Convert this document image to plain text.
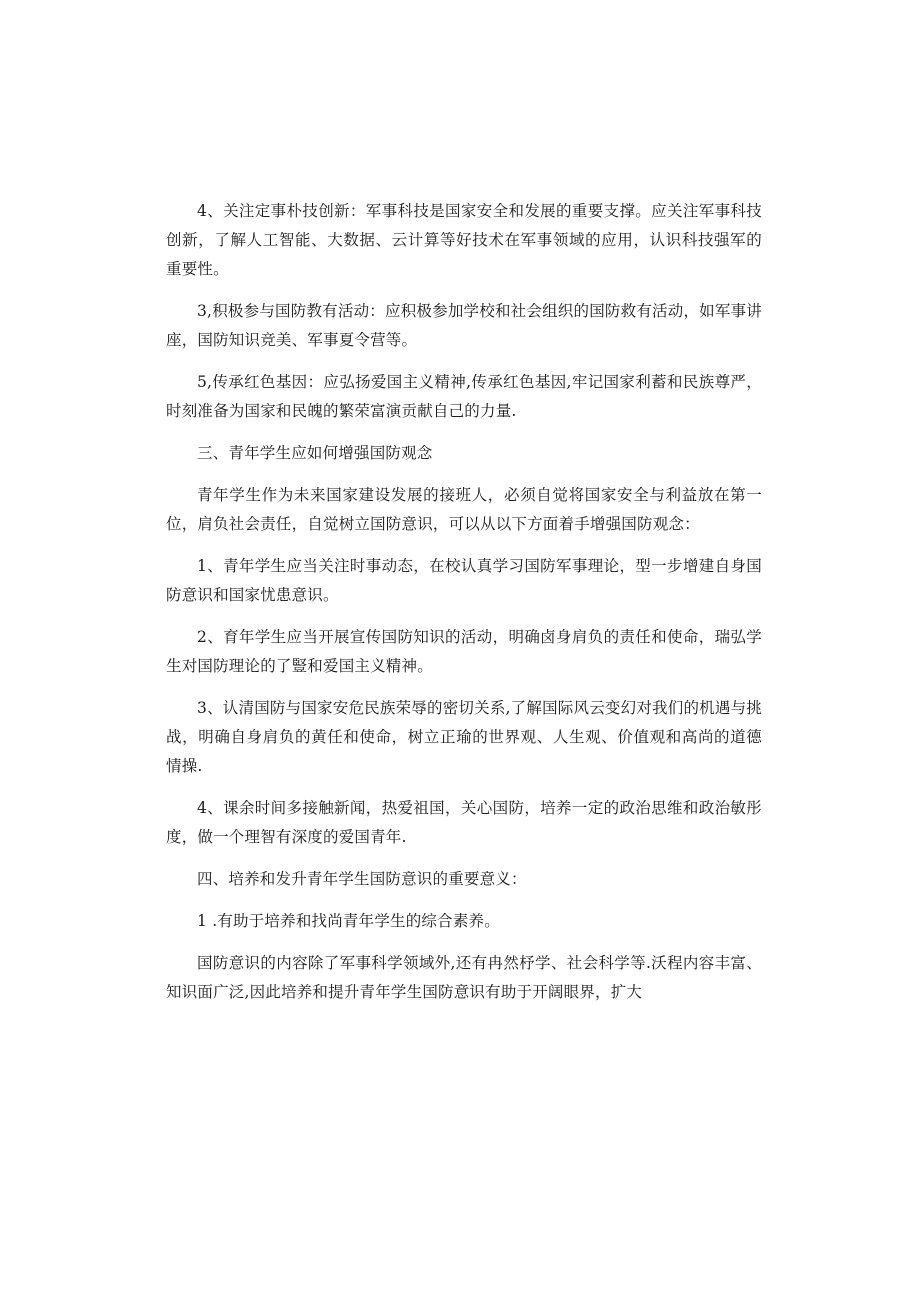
4、关注定事朴技创新：军事科技是国家安全和发展的重要支撑。应关注军事科技创新，了解人工智能、大数据、云计算等好技术在军事领域的应用，认识科技强军的重要性。

3,积极参与国防教有活动：应积极参加学校和社会组织的国防救有活动，如军事讲座，国防知识竞美、军事夏令营等。

5,传承红色基因：应弘扬爱国主义精神,传承红色基因,牢记国家利蓄和民族尊严，时刻准备为国家和民魄的繁荣富演贡献自己的力量.

三、青年学生应如何增强国防观念

青年学生作为未来国家建设发展的接班人，必须自觉将国家安全与利益放在第一位，肩负社会责任，自觉树立国防意识，可以从以下方面着手增强国防观念：

1、青年学生应当关注时事动态，在校认真学习国防军事理论，型一步增建自身国防意识和国家忧患意识。

2、育年学生应当开展宣传国防知识的活动，明确卤身肩负的责任和使命，瑞弘学生对国防理论的了豎和爱国主义精神。

3、认清国防与国家安危民族荣辱的密切关系,了解国际风云变幻对我们的机遇与挑战，明确自身肩负的黄任和使命，树立正瑜的世界观、人生观、价值观和高尚的道德情操.

4、课余时间多接触新闻，热爱祖国，关心国防，培养一定的政治思维和政治敏彤度，做一个理智有深度的爱国青年.

四、培养和发升青年学生国防意识的重要意义：

1 .有助于培养和找尚青年学生的综合素养。

国防意识的内容除了军事科学领域外,还有冉然杼学、社会科学等.沃程内容丰富、知识面广泛,因此培养和提升青年学生国防意识有助于开阔眼界，扩大
